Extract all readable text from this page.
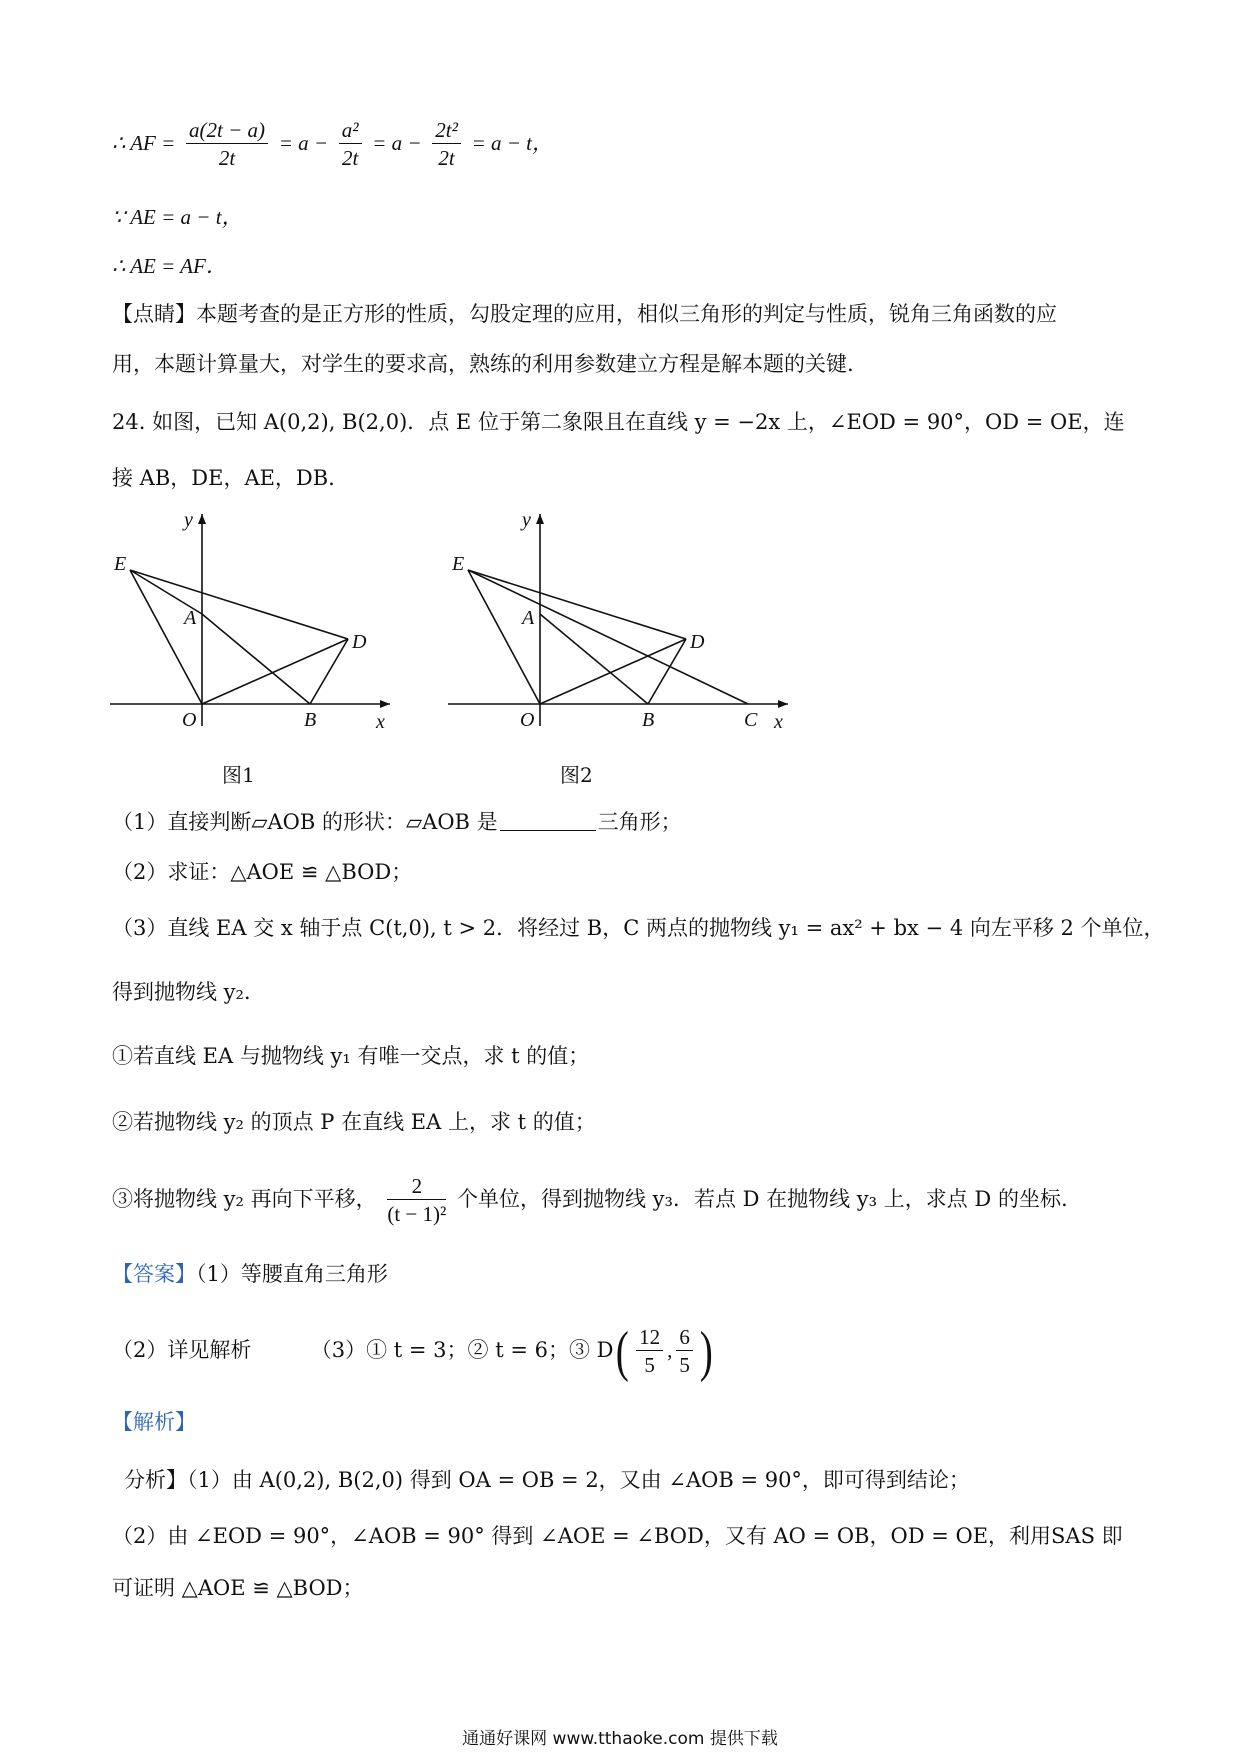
∴ AF = $\frac{a(2t - a)}{2t} = a - \frac{\text{a²}}{2t} = a - \frac{\text{2t²}}{2t} = a - t$，
∵ AE = a − t，
∴ AE = AF．
【点睛】本题考查的是正方形的性质，勾股定理的应用，相似三角形的判定与性质，锐角三角函数的应
用，本题计算量大，对学生的要求高，熟练的利用参数建立方程是解本题的关键.
24. 如图，已知 A(0,2), B(2,0)．点 E 位于第二象限且在直线 y = −2x 上，∠EOD = 90°，OD = OE，连
接 AB，DE，AE，DB．
E
A
D
O	B	x
y
图1
E
A
D
O	B	C x
y
图2
（1）直接判断▱AOB 的形状：▱AOB 是	三角形；
（2）求证：△AOE ≌ △BOD；
（3）直线 EA 交 x 轴于点 C(t,0), t > 2．将经过 B，C 两点的抛物线 y₁ = ax² + bx − 4 向左平移 2 个单位，
得到抛物线 y₂．
①若直线 EA 与抛物线 y₁ 有唯一交点，求 t 的值；
②若抛物线 y₂ 的顶点 P 在直线 EA 上，求 t 的值；
③将抛物线 y₂ 再向下平移， $\frac{2}{\text{(t − 1)²}}$ 个单位，得到抛物线 y₃．若点 D 在抛物线 y₃ 上，求点 D 的坐标.
【答案】（1）等腰直角三角形
（2）详见解析	（3）① t = 3；② t = 6；③ $D( \frac{12}{5}$ , $\frac{6}{5}$ )
【解析】
分析】（1）由 A(0,2), B(2,0) 得到 OA = OB = 2，又由 ∠AOB = 90°，即可得到结论；
（2）由 ∠EOD = 90°，∠AOB = 90° 得到 ∠AOE = ∠BOD，又有 AO = OB，OD = OE，利用SAS 即
可证明 △AOE ≌ △BOD；
通通好课网 www.tthaoke.com 提供下载
